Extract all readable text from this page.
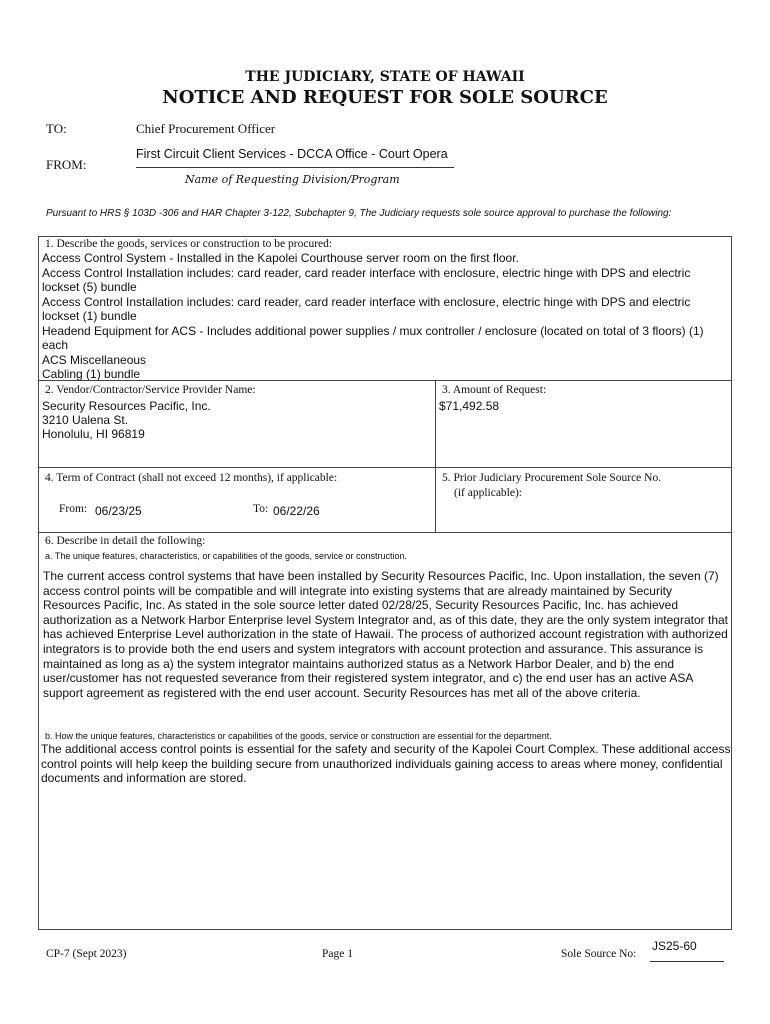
THE JUDICIARY, STATE OF HAWAII
NOTICE AND REQUEST FOR SOLE SOURCE
TO:	Chief Procurement Officer
FROM:
First Circuit Client Services - DCCA Office - Court Opera
Name of Requesting Division/Program
Pursuant to HRS § 103D -306 and HAR Chapter 3-122, Subchapter 9, The Judiciary requests sole source approval to purchase the following:
1. Describe the goods, services or construction to be procured:
Access Control System - Installed in the Kapolei Courthouse server room on the first floor.
Access Control Installation includes: card reader, card reader interface with enclosure, electric hinge with DPS and electric lockset (5) bundle
Access Control Installation includes: card reader, card reader interface with enclosure, electric hinge with DPS and electric lockset (1) bundle
Headend Equipment for ACS - Includes additional power supplies / mux controller / enclosure (located on total of 3 floors) (1) each
ACS Miscellaneous
Cabling (1) bundle
2. Vendor/Contractor/Service Provider Name:
Security Resources Pacific, Inc.
3210 Ualena St.
Honolulu, HI 96819
3. Amount of Request:
$71,492.58
4. Term of Contract (shall not exceed 12 months), if applicable:
From: 06/23/25	To: 06/22/26
5. Prior Judiciary Procurement Sole Source No.
(if applicable):
6. Describe in detail the following:
a. The unique features, characteristics, or capabilities of the goods, service or construction.
The current access control systems that have been installed by Security Resources Pacific, Inc. Upon installation, the seven (7) access control points will be compatible and will integrate into existing systems that are already maintained by Security Resources Pacific, Inc. As stated in the sole source letter dated 02/28/25, Security Resources Pacific, Inc. has achieved authorization as a Network Harbor Enterprise level System Integrator and, as of this date, they are the only system integrator that has achieved Enterprise Level authorization in the state of Hawaii. The process of authorized account registration with authorized integrators is to provide both the end users and system integrators with account protection and assurance. This assurance is maintained as long as a) the system integrator maintains authorized status as a Network Harbor Dealer, and b) the end user/customer has not requested severance from their registered system integrator, and c) the end user has an active ASA support agreement as registered with the end user account. Security Resources has met all of the above criteria.
b. How the unique features, characteristics or capabilities of the goods, service or construction are essential for the department.
The additional access control points is essential for the safety and security of the Kapolei Court Complex. These additional access control points will help keep the building secure from unauthorized individuals gaining access to areas where money, confidential documents and information are stored.
CP-7 (Sept 2023)	Page 1	Sole Source No:
JS25-60
